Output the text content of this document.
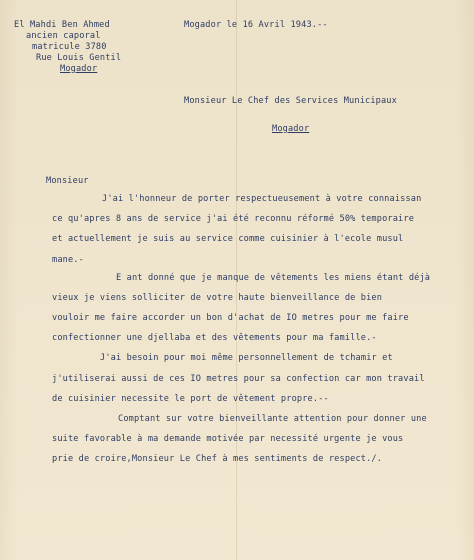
El Mahdi Ben Ahmed
ancien caporal
matricule 3780
Rue Louis Gentil
Mogador
Mogador le 16 Avril 1943.--
Monsieur Le Chef des Services Municipaux
Mogador
Monsieur
J'ai l'honneur de porter respectueusement à votre connaissan
ce qu'apres 8 ans de service j'ai été reconnu réformé 50% temporaire
et actuellement je suis au service comme cuisinier à l'ecole musul
mane.-
E ant donné que je manque de vêtements les miens étant déjà
vieux je viens solliciter de votre haute bienveillance de bien
vouloir me faire accorder un bon d'achat de IO metres pour me faire
confectionner une djellaba et des vêtements pour ma famille.-
J'ai besoin pour moi même personnellement de tchamir et
j'utiliserai aussi de ces IO metres pour sa confection car mon travail
de cuisinier necessite le port de vêtement propre.--
Comptant sur votre bienveillante attention pour donner une
suite favorable à ma demande motivée par necessité urgente je vous
prie de croire,Monsieur Le Chef à mes sentiments de respect./.
